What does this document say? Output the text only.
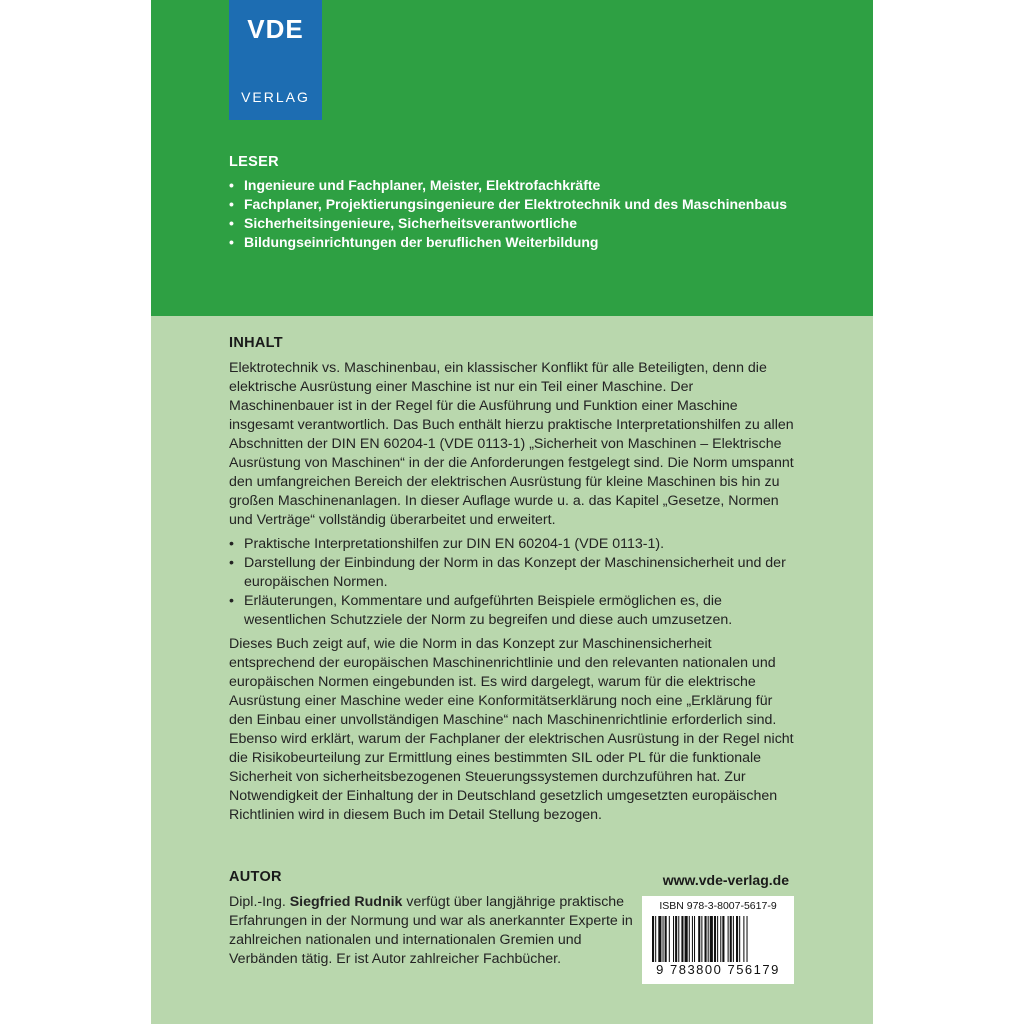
VDE
VERLAG
LESER
• Ingenieure und Fachplaner, Meister, Elektrofachkräfte
• Fachplaner, Projektierungsingenieure der Elektrotechnik und des Maschinenbaus
• Sicherheitsingenieure, Sicherheitsverantwortliche
• Bildungseinrichtungen der beruflichen Weiterbildung
INHALT

Elektrotechnik vs. Maschinenbau, ein klassischer Konflikt für alle Beteiligten, denn die elektrische Ausrüstung einer Maschine ist nur ein Teil einer Maschine. Der Maschinenbauer ist in der Regel für die Ausführung und Funktion einer Maschine insgesamt verantwortlich. Das Buch enthält hierzu praktische Interpretationshilfen zu allen Abschnitten der DIN EN 60204-1 (VDE 0113-1) „Sicherheit von Maschinen – Elektrische Ausrüstung von Maschinen“ in der die Anforderungen festgelegt sind. Die Norm umspannt den umfangreichen Bereich der elektrischen Ausrüstung für kleine Maschinen bis hin zu großen Maschinenanlagen. In dieser Auflage wurde u. a. das Kapitel „Gesetze, Normen und Verträge“ vollständig überarbeitet und erweitert.

• Praktische Interpretationshilfen zur DIN EN 60204-1 (VDE 0113-1).
• Darstellung der Einbindung der Norm in das Konzept der Maschinensicherheit und der europäischen Normen.
• Erläuterungen, Kommentare und aufgeführten Beispiele ermöglichen es, die wesentlichen Schutzziele der Norm zu begreifen und diese auch umzusetzen.

Dieses Buch zeigt auf, wie die Norm in das Konzept zur Maschinensicherheit entsprechend der europäischen Maschinenrichtlinie und den relevanten nationalen und europäischen Normen eingebunden ist. Es wird dargelegt, warum für die elektrische Ausrüstung einer Maschine weder eine Konformitätserklärung noch eine „Erklärung für den Einbau einer unvollständigen Maschine“ nach Maschinenrichtlinie erforderlich sind. Ebenso wird erklärt, warum der Fachplaner der elektrischen Ausrüstung in der Regel nicht die Risikobeurteilung zur Ermittlung eines bestimmten SIL oder PL für die funktionale Sicherheit von sicherheitsbezogenen Steuerungssystemen durchzuführen hat. Zur Notwendigkeit der Einhaltung der in Deutschland gesetzlich umgesetzten europäischen Richtlinien wird in diesem Buch im Detail Stellung bezogen.

AUTOR

Dipl.-Ing. Siegfried Rudnik verfügt über langjährige praktische Erfahrungen in der Normung und war als anerkannter Experte in zahlreichen nationalen und internationalen Gremien und Verbänden tätig. Er ist Autor zahlreicher Fachbücher.

www.vde-verlag.de
ISBN 978-3-8007-5617-9
9 783800 756179
